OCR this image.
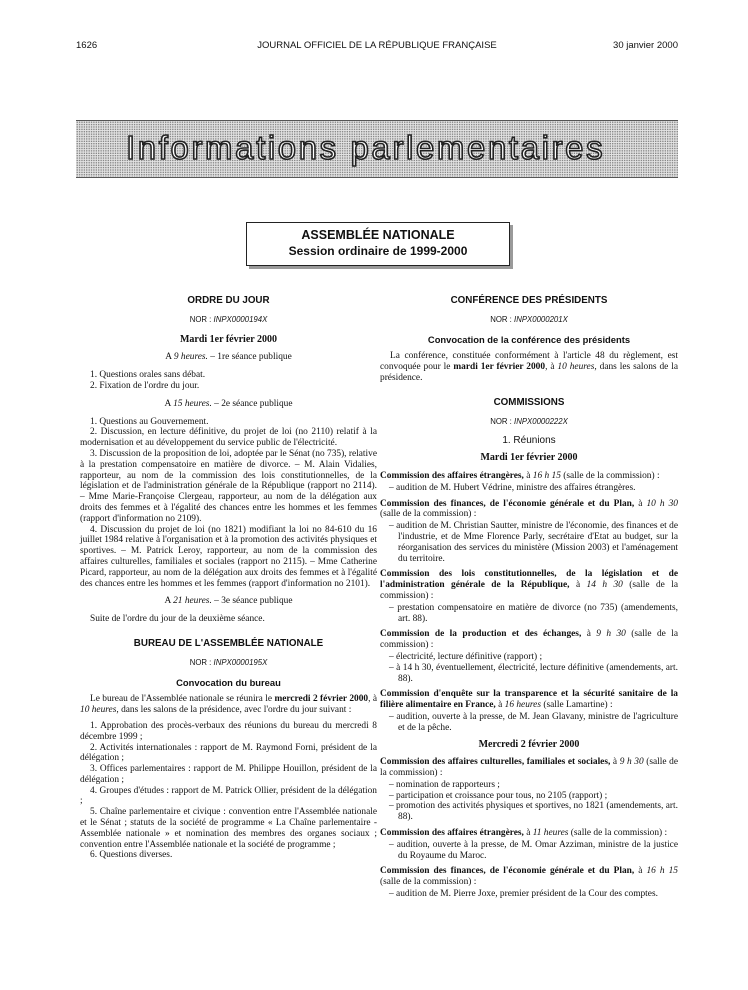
1626	JOURNAL OFFICIEL DE LA RÉPUBLIQUE FRANÇAISE	30 janvier 2000
Informations parlementaires
ASSEMBLÉE NATIONALE
Session ordinaire de 1999-2000
ORDRE DU JOUR
NOR : INPX0000194X
Mardi 1er février 2000
A 9 heures. – 1re séance publique

1. Questions orales sans débat.

2. Fixation de l'ordre du jour.

A 15 heures. – 2e séance publique

1. Questions au Gouvernement.

2. Discussion, en lecture définitive, du projet de loi (no 2110) relatif à la modernisation et au développement du service public de l'électricité.

3. Discussion de la proposition de loi, adoptée par le Sénat (no 735), relative à la prestation compensatoire en matière de divorce. – M. Alain Vidalies, rapporteur, au nom de la commission des lois constitutionnelles, de la législation et de l'administration générale de la République (rapport no 2114). – Mme Marie-Françoise Clergeau, rapporteur, au nom de la délégation aux droits des femmes et à l'égalité des chances entre les hommes et les femmes (rapport d'information no 2109).

4. Discussion du projet de loi (no 1821) modifiant la loi no 84-610 du 16 juillet 1984 relative à l'organisation et à la promotion des activités physiques et sportives. – M. Patrick Leroy, rapporteur, au nom de la commission des affaires culturelles, familiales et sociales (rapport no 2115). – Mme Catherine Picard, rapporteur, au nom de la délégation aux droits des femmes et à l'égalité des chances entre les hommes et les femmes (rapport d'information no 2101).

A 21 heures. – 3e séance publique

Suite de l'ordre du jour de la deuxième séance.

BUREAU DE L'ASSEMBLÉE NATIONALE
NOR : INPX0000195X
Convocation du bureau

Le bureau de l'Assemblée nationale se réunira le mercredi 2 février 2000, à 10 heures, dans les salons de la présidence, avec l'ordre du jour suivant :

1. Approbation des procès-verbaux des réunions du bureau du mercredi 8 décembre 1999 ;

2. Activités internationales : rapport de M. Raymond Forni, président de la délégation ;

3. Offices parlementaires : rapport de M. Philippe Houillon, président de la délégation ;

4. Groupes d'études : rapport de M. Patrick Ollier, président de la délégation ;

5. Chaîne parlementaire et civique : convention entre l'Assemblée nationale et le Sénat ; statuts de la société de programme « La Chaîne parlementaire - Assemblée nationale » et nomination des membres des organes sociaux ; convention entre l'Assemblée nationale et la société de programme ;

6. Questions diverses.

CONFÉRENCE DES PRÉSIDENTS
NOR : INPX0000201X
Convocation de la conférence des présidents

La conférence, constituée conformément à l'article 48 du règlement, est convoquée pour le mardi 1er février 2000, à 10 heures, dans les salons de la présidence.

COMMISSIONS
NOR : INPX0000222X
1. Réunions
Mardi 1er février 2000

Commission des affaires étrangères, à 16 h 15 (salle de la commission) :

– audition de M. Hubert Védrine, ministre des affaires étrangères.

Commission des finances, de l'économie générale et du Plan, à 10 h 30 (salle de la commission) :

– audition de M. Christian Sautter, ministre de l'économie, des finances et de l'industrie, et de Mme Florence Parly, secrétaire d'Etat au budget, sur la réorganisation des services du ministère (Mission 2003) et l'aménagement du territoire.

Commission des lois constitutionnelles, de la législation et de l'administration générale de la République, à 14 h 30 (salle de la commission) :

– prestation compensatoire en matière de divorce (no 735) (amendements, art. 88).

Commission de la production et des échanges, à 9 h 30 (salle de la commission) :

– électricité, lecture définitive (rapport) ;

– à 14 h 30, éventuellement, électricité, lecture définitive (amendements, art. 88).

Commission d'enquête sur la transparence et la sécurité sanitaire de la filière alimentaire en France, à 16 heures (salle Lamartine) :

– audition, ouverte à la presse, de M. Jean Glavany, ministre de l'agriculture et de la pêche.

Mercredi 2 février 2000

Commission des affaires culturelles, familiales et sociales, à 9 h 30 (salle de la commission) :

– nomination de rapporteurs ;

– participation et croissance pour tous, no 2105 (rapport) ;

– promotion des activités physiques et sportives, no 1821 (amendements, art. 88).

Commission des affaires étrangères, à 11 heures (salle de la commission) :

– audition, ouverte à la presse, de M. Omar Azziman, ministre de la justice du Royaume du Maroc.

Commission des finances, de l'économie générale et du Plan, à 16 h 15 (salle de la commission) :

– audition de M. Pierre Joxe, premier président de la Cour des comptes.
